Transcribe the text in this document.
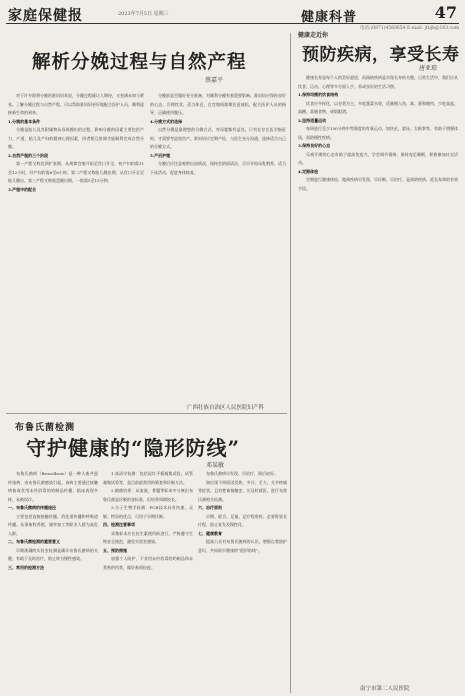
家庭保健报	2023年7月5日 星期三	健康科普	47
电话:(0871)4568654 E-mail: jtbjb@163.com
解析分娩过程与自然产程
蔡嘉平

对于许多即将分娩的准妈妈来说，分娩过程既让人期待，又充满未知与紧张。了解分娩过程与自然产程，可以帮助准妈妈更好地配合医护人员，顺利迎接新生命的到来。

1.分娩的基本条件

分娩是胎儿及其附属物从母体娩出的过程。影响分娩的因素主要包括产力、产道、胎儿及产妇的精神心理因素，四者相互协调才能顺利完成自然分娩。

2.自然产程的三个阶段

第一产程又称宫颈扩张期，从规律宫缩开始至宫口开全，初产妇约需11至12小时，经产妇约需6至8小时。第二产程又称胎儿娩出期，从宫口开全至胎儿娩出。第三产程又称胎盘娩出期，一般需5至15分钟。

3.产程中的配合

分娩前是否做好充分准备，对顺利分娩有着重要影响。准妈妈应保持良好的心态，合理饮食，适当休息，在宫缩间歇期注意放松，配合医护人员的指导，正确使用腹压。

4.分娩方式的选择

自然分娩是最理想的分娩方式，对母婴都有益处。只有在存在医学指征时，才需要考虑剖宫产。准妈妈应定期产检，与医生充分沟通，选择适合自己的分娩方式。

5.产后护理

分娩后应注意观察出血情况，保持会阴部清洁，尽早开始母乳喂养，适当下床活动，促进身体恢复。

广西壮族自治区人民医院妇产科
健康走近你
预防疾病，享受长寿
唐亚琼

健康长寿是每个人的美好愿望，而预防疾病是实现长寿的关键。日常生活中，我们应从饮食、运动、心理等多方面入手，养成良好的生活习惯。

1.保持均衡的饮食结构

饮食应多样化，以谷类为主，多吃蔬菜水果，适量摄入鱼、禽、蛋和瘦肉，少吃高盐、高糖、高脂食物，戒烟限酒。

2.坚持适量运动

每周进行至少150分钟中等强度的有氧运动，如快走、游泳、太极拳等，有助于增强体质，预防慢性疾病。

3.保持良好的心态

乐观开朗的心态有助于提高免疫力。学会调节情绪，保持充足睡眠，积极参加社交活动。

4.定期体检

定期进行健康体检，做到疾病早发现、早诊断、早治疗，是预防疾病、延长寿命的有效手段。

南宁市第二人民医院
布鲁氏菌检测
守护健康的“隐形防线”
邓某敏

布鲁氏菌病（Brucellosis）是一种人畜共患传染病，由布鲁氏菌感染引起。该病主要通过接触病畜或食用未经消毒的奶制品传播，临床表现多样，易被误诊。

一、布鲁氏菌病的传播途径

主要包括直接接触传播、消化道传播和呼吸道传播。从事畜牧养殖、屠宰加工等职业人群为高危人群。

二、布鲁氏菌检测的重要意义

早期准确的实验室检测是确诊布鲁氏菌病的关键，有助于及时治疗，防止转为慢性感染。

三、常用的检测方法

1.血清学检测：包括虎红平板凝集试验、试管凝集试验等，是目前最常用的筛查和诊断方法。

2.细菌培养：从血液、骨髓等标本中分离出布鲁氏菌是诊断的金标准，但培养周期较长。

3.分子生物学检测：PCR技术具有快速、灵敏、特异的优点，可用于早期诊断。

四、检测注意事项

采集标本应在抗生素使用前进行，严格遵守生物安全规范，避免实验室感染。

五、预防措施

加强个人防护，不食用未经消毒的奶制品和未煮熟的肉类，做好畜间检疫。

布鲁氏菌病早发现、早治疗，预后较好。

如出现不明原因发热、多汗、乏力、关节疼痛等症状，且有牲畜接触史，应及时就医，进行布鲁氏菌相关检测。

六、治疗原则

早期、联合、足量、足疗程用药，必要时延长疗程，防止复发及慢性化。

七、健康教育

提高公众对布鲁氏菌病的认识，增强自我防护意识，共同筑牢健康的“隐形防线”。
